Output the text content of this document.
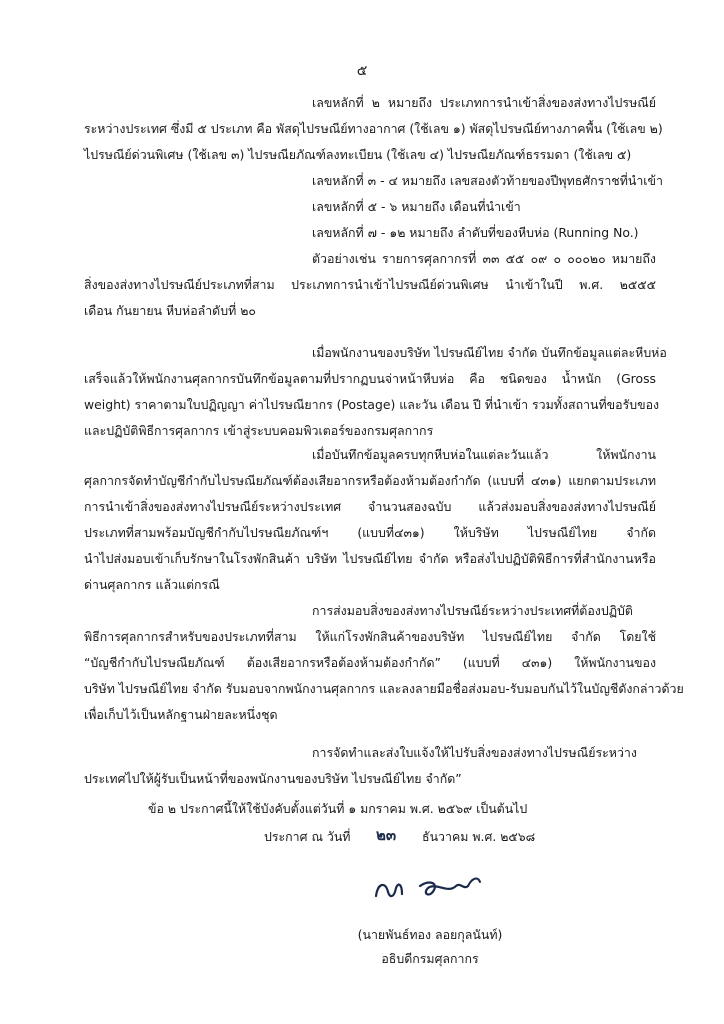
๕
เลขหลักที่ ๒ หมายถึง ประเภทการนำเข้าสิ่งของส่งทางไปรษณีย์
ระหว่างประเทศ ซึ่งมี ๕ ประเภท คือ พัสดุไปรษณีย์ทางอากาศ (ใช้เลข ๑) พัสดุไปรษณีย์ทางภาคพื้น (ใช้เลข ๒)
ไปรษณีย์ด่วนพิเศษ (ใช้เลข ๓) ไปรษณียภัณฑ์ลงทะเบียน (ใช้เลข ๔) ไปรษณียภัณฑ์ธรรมดา (ใช้เลข ๕)
เลขหลักที่ ๓ - ๔ หมายถึง เลขสองตัวท้ายของปีพุทธศักราชที่นำเข้า
เลขหลักที่ ๕ - ๖ หมายถึง เดือนที่นำเข้า
เลขหลักที่ ๗ - ๑๒ หมายถึง ลำดับที่ของหีบห่อ (Running No.)
ตัวอย่างเช่น รายการศุลกากรที่ ๓๓ ๕๕ ๐๙ ๐ ๐๐๐๒๐ หมายถึง
สิ่งของส่งทางไปรษณีย์ประเภทที่สาม ประเภทการนำเข้าไปรษณีย์ด่วนพิเศษ นำเข้าในปี พ.ศ. ๒๕๕๕
เดือน กันยายน หีบห่อลำดับที่ ๒๐
เมื่อพนักงานของบริษัท ไปรษณีย์ไทย จำกัด บันทึกข้อมูลแต่ละหีบห่อ
เสร็จแล้วให้พนักงานศุลกากรบันทึกข้อมูลตามที่ปรากฏบนจ่าหน้าหีบห่อ คือ ชนิดของ น้ำหนัก (Gross
weight) ราคาตามใบปฏิญญา ค่าไปรษณียากร (Postage) และวัน เดือน ปี ที่นำเข้า รวมทั้งสถานที่ขอรับของ
และปฏิบัติพิธีการศุลกากร เข้าสู่ระบบคอมพิวเตอร์ของกรมศุลกากร
เมื่อบันทึกข้อมูลครบทุกหีบห่อในแต่ละวันแล้ว ให้พนักงาน
ศุลกากรจัดทำบัญชีกำกับไปรษณียภัณฑ์ต้องเสียอากรหรือต้องห้ามต้องกำกัด (แบบที่ ๔๓๑) แยกตามประเภท
การนำเข้าสิ่งของส่งทางไปรษณีย์ระหว่างประเทศ จำนวนสองฉบับ แล้วส่งมอบสิ่งของส่งทางไปรษณีย์
ประเภทที่สามพร้อมบัญชีกำกับไปรษณียภัณฑ์ฯ (แบบที่๔๓๑) ให้บริษัท ไปรษณีย์ไทย จำกัด
นำไปส่งมอบเข้าเก็บรักษาในโรงพักสินค้า บริษัท ไปรษณีย์ไทย จำกัด หรือส่งไปปฏิบัติพิธีการที่สำนักงานหรือ
ด่านศุลกากร แล้วแต่กรณี
การส่งมอบสิ่งของส่งทางไปรษณีย์ระหว่างประเทศที่ต้องปฏิบัติ
พิธีการศุลกากรสำหรับของประเภทที่สาม ให้แก่โรงพักสินค้าของบริษัท ไปรษณีย์ไทย จำกัด โดยใช้
“บัญชีกำกับไปรษณียภัณฑ์ ต้องเสียอากรหรือต้องห้ามต้องกำกัด” (แบบที่ ๔๓๑) ให้พนักงานของ
บริษัท ไปรษณีย์ไทย จำกัด รับมอบจากพนักงานศุลกากร และลงลายมือชื่อส่งมอบ-รับมอบกันไว้ในบัญชีดังกล่าวด้วย
เพื่อเก็บไว้เป็นหลักฐานฝ่ายละหนึ่งชุด
การจัดทำและส่งใบแจ้งให้ไปรับสิ่งของส่งทางไปรษณีย์ระหว่าง
ประเทศไปให้ผู้รับเป็นหน้าที่ของพนักงานของบริษัท ไปรษณีย์ไทย จำกัด”
ข้อ ๒ ประกาศนี้ให้ใช้บังคับตั้งแต่วันที่ ๑ มกราคม พ.ศ. ๒๕๖๙ เป็นต้นไป
ประกาศ ณ วันที่ ๒๓ ธันวาคม พ.ศ. ๒๕๖๘
(นายพันธ์ทอง ลอยกุลนันท์)
อธิบดีกรมศุลกากร
